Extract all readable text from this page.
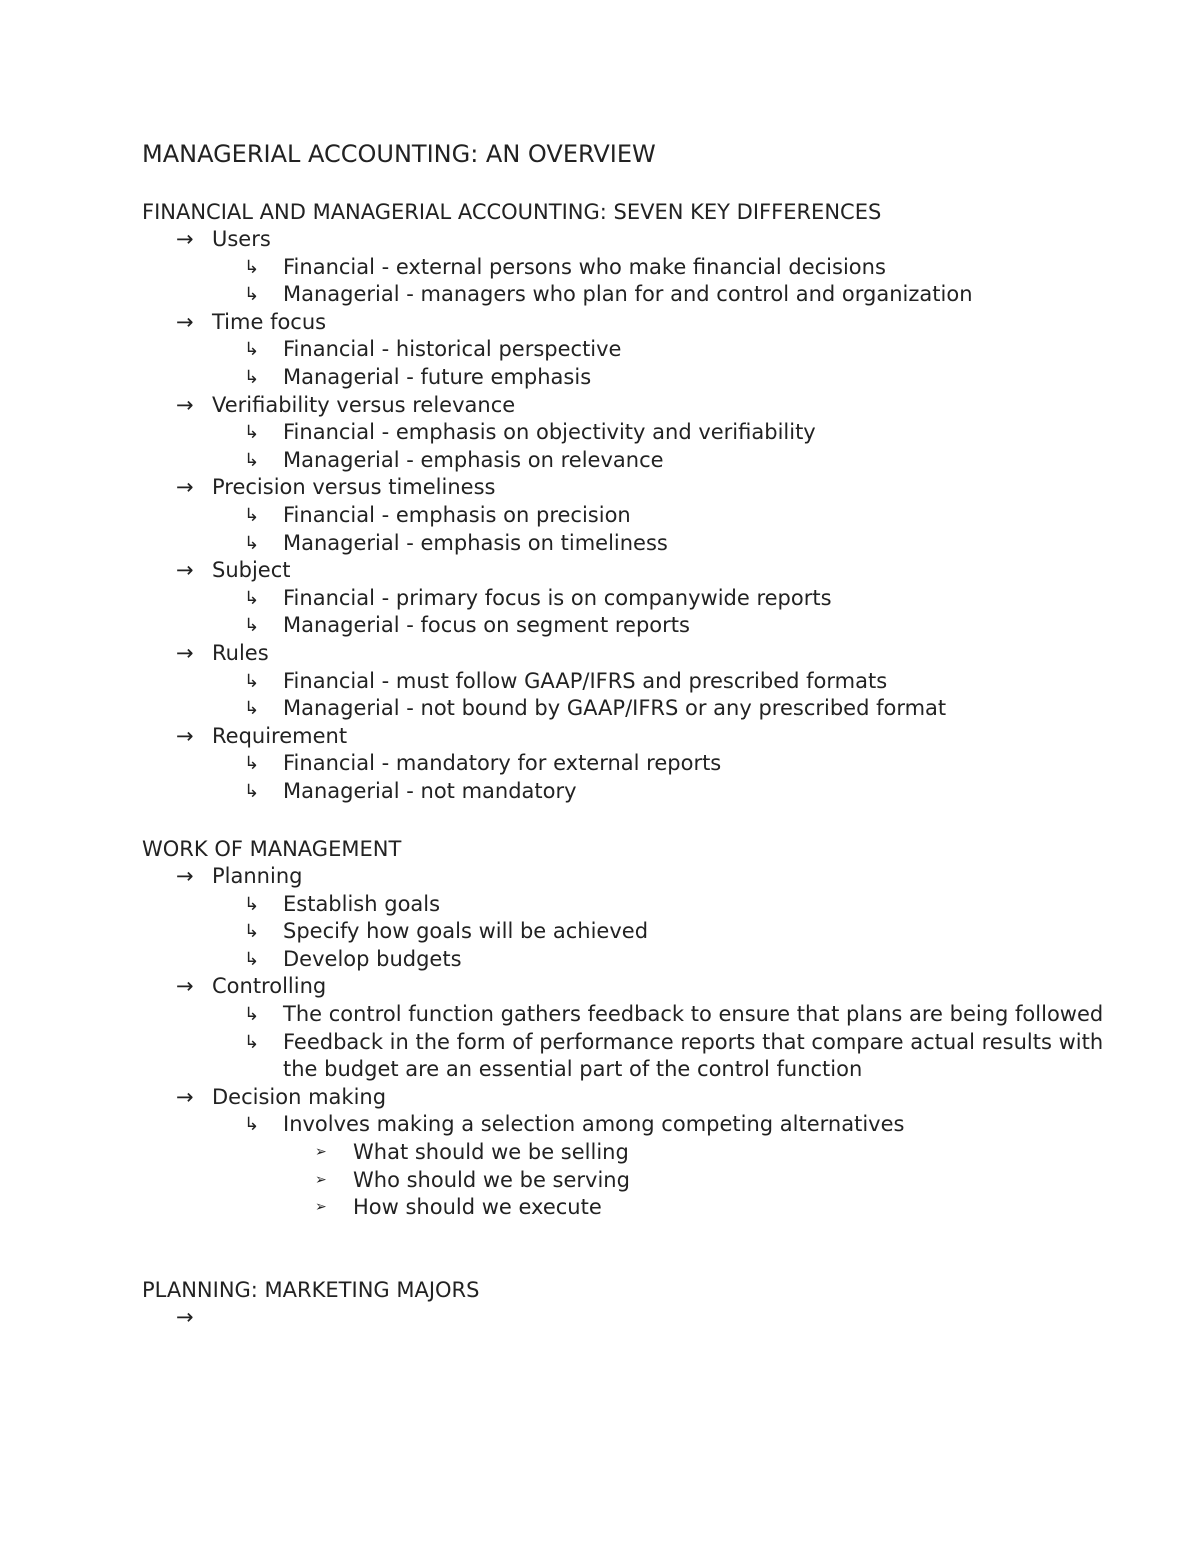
MANAGERIAL ACCOUNTING: AN OVERVIEW
FINANCIAL AND MANAGERIAL ACCOUNTING: SEVEN KEY DIFFERENCES
→ Users
↳	Financial - external persons who make financial decisions
↳	Managerial - managers who plan for and control and organization
→ Time focus
↳	Financial - historical perspective
↳	Managerial - future emphasis
→ Verifiability versus relevance
↳	Financial - emphasis on objectivity and verifiability
↳	Managerial - emphasis on relevance
→ Precision versus timeliness
↳	Financial - emphasis on precision
↳	Managerial - emphasis on timeliness
→ Subject
↳	Financial - primary focus is on companywide reports
↳	Managerial - focus on segment reports
→ Rules
↳	Financial - must follow GAAP/IFRS and prescribed formats
↳	Managerial - not bound by GAAP/IFRS or any prescribed format
→ Requirement
↳	Financial - mandatory for external reports
↳	Managerial - not mandatory
WORK OF MANAGEMENT
→ Planning
↳	Establish goals
↳	Specify how goals will be achieved
↳	Develop budgets
→ Controlling
↳	The control function gathers feedback to ensure that plans are being followed
↳	Feedback in the form of performance reports that compare actual results with the budget are an essential part of the control function
→ Decision making
↳	Involves making a selection among competing alternatives
➢	What should we be selling
➢	Who should we be serving
➢	How should we execute
PLANNING: MARKETING MAJORS
→
